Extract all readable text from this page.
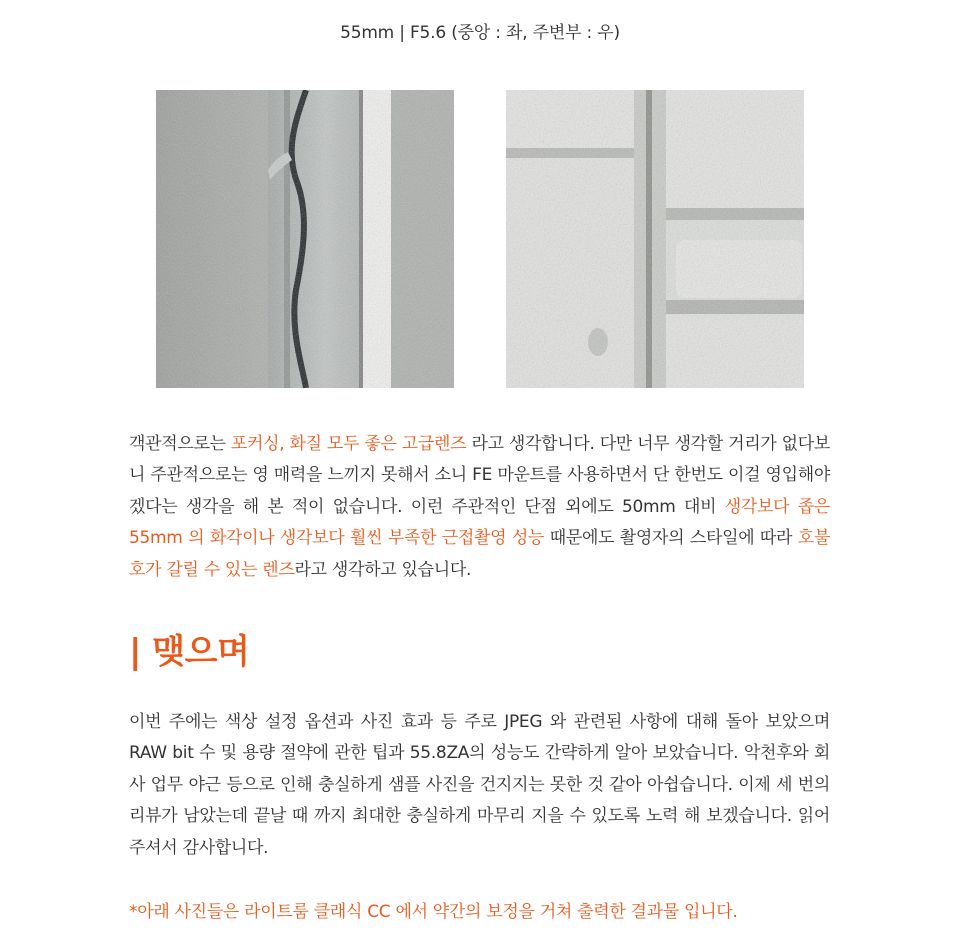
55mm | F5.6 (중앙 : 좌, 주변부 : 우)

객관적으로는 포커싱, 화질 모두 좋은 고급렌즈 라고 생각합니다. 다만 너무 생각할 거리가 없다보니 주관적으로는 영 매력을 느끼지 못해서 소니 FE 마운트를 사용하면서 단 한번도 이걸 영입해야 겠다는 생각을 해 본 적이 없습니다. 이런 주관적인 단점 외에도 50mm 대비 생각보다 좁은 55mm 의 화각이나 생각보다 훨씬 부족한 근접촬영 성능 때문에도 촬영자의 스타일에 따라 호불호가 갈릴 수 있는 렌즈라고 생각하고 있습니다.

| 맺으며

이번 주에는 색상 설정 옵션과 사진 효과 등 주로 JPEG 와 관련된 사항에 대해 돌아 보았으며 RAW bit 수 및 용량 절약에 관한 팁과 55.8ZA의 성능도 간략하게 알아 보았습니다. 악천후와 회사 업무 야근 등으로 인해 충실하게 샘플 사진을 건지지는 못한 것 같아 아쉽습니다. 이제 세 번의 리뷰가 남았는데 끝날 때 까지 최대한 충실하게 마무리 지을 수 있도록 노력 해 보겠습니다. 읽어 주셔서 감사합니다.

*아래 사진들은 라이트룸 클래식 CC 에서 약간의 보정을 거쳐 출력한 결과물 입니다.
